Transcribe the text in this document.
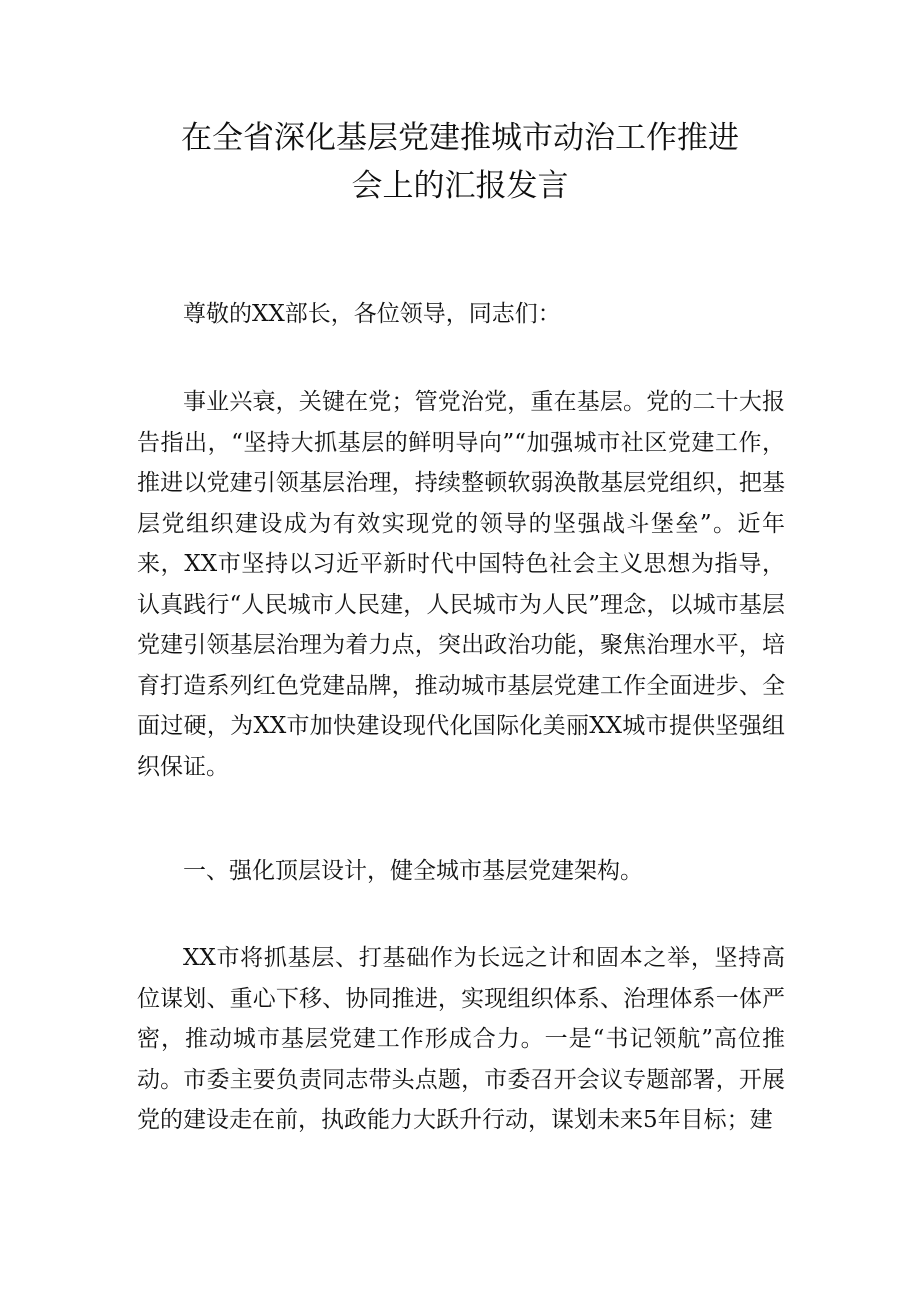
在全省深化基层党建推城市动治工作推进
会上的汇报发言

尊敬的XX部长，各位领导，同志们：

事业兴衰，关键在党；管党治党，重在基层。党的二十大报告指出，“坚持大抓基层的鲜明导向”“加强城市社区党建工作，推进以党建引领基层治理，持续整顿软弱涣散基层党组织，把基层党组织建设成为有效实现党的领导的坚强战斗堡垒”。近年来，XX市坚持以习近平新时代中国特色社会主义思想为指导，认真践行“人民城市人民建，人民城市为人民”理念，以城市基层党建引领基层治理为着力点，突出政治功能，聚焦治理水平，培育打造系列红色党建品牌，推动城市基层党建工作全面进步、全面过硬，为XX市加快建设现代化国际化美丽XX城市提供坚强组织保证。

一、强化顶层设计，健全城市基层党建架构。

XX市将抓基层、打基础作为长远之计和固本之举，坚持高位谋划、重心下移、协同推进，实现组织体系、治理体系一体严密，推动城市基层党建工作形成合力。一是“书记领航”高位推动。市委主要负责同志带头点题，市委召开会议专题部署，开展党的建设走在前，执政能力大跃升行动，谋划未来5年目标；建
